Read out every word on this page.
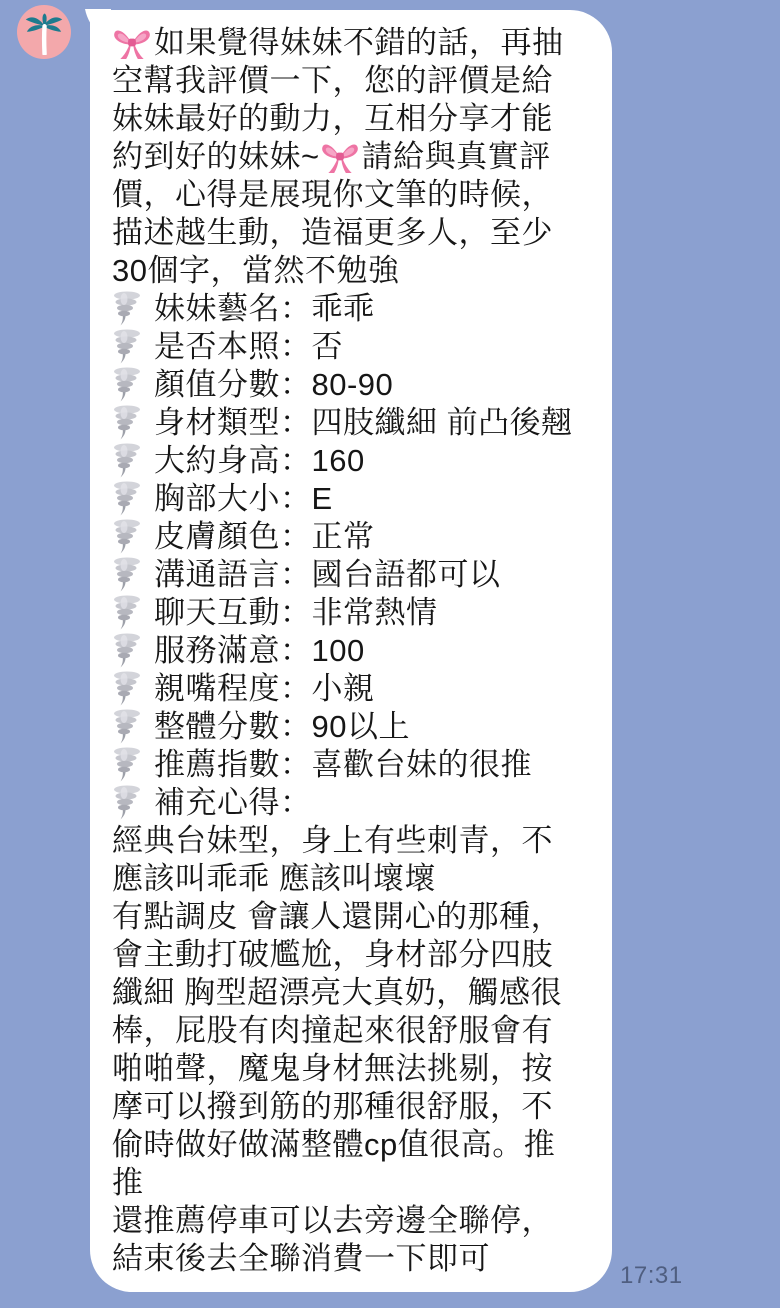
如果覺得妹妹不錯的話，再抽
空幫我評價一下，您的評價是給
妹妹最好的動力，互相分享才能
約到好的妹妹~ 請給與真實評
價，心得是展現你文筆的時候，
描述越生動，造福更多人，至少
30個字，當然不勉強
妹妹藝名：乖乖
是否本照：否
顏值分數：80-90
身材類型：四肢纖細 前凸後翹
大約身高：160
胸部大小：E
皮膚顏色：正常
溝通語言：國台語都可以
聊天互動：非常熱情
服務滿意：100
親嘴程度：小親
整體分數：90以上
推薦指數：喜歡台妹的很推
補充心得：
經典台妹型，身上有些刺青，不
應該叫乖乖 應該叫壞壞
有點調皮 會讓人還開心的那種，
會主動打破尷尬，身材部分四肢
纖細 胸型超漂亮大真奶，觸感很
棒，屁股有肉撞起來很舒服會有
啪啪聲，魔鬼身材無法挑剔，按
摩可以撥到筋的那種很舒服，不
偷時做好做滿整體cp值很高。推
推
還推薦停車可以去旁邊全聯停，
結束後去全聯消費一下即可	17:31
